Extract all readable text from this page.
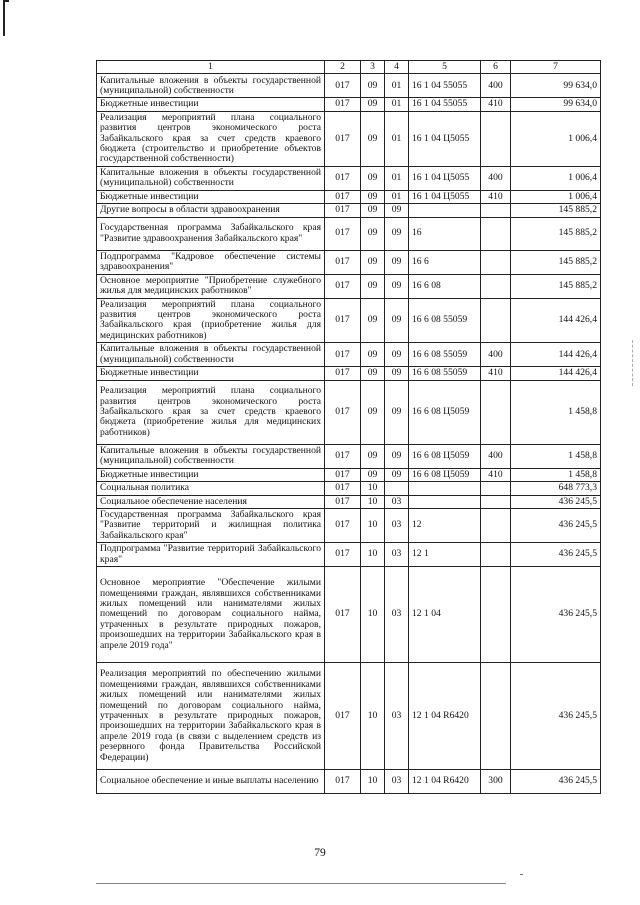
1	2	3	4	5	6	7
Капитальные вложения в объекты государственной (муниципальной) собственности	017	09	01	16 1 04 55055	400	99 634,0
Бюджетные инвестиции	017	09	01	16 1 04 55055	410	99 634,0
Реализация мероприятий плана социального развития центров экономического роста Забайкальского края за счет средств краевого бюджета (строительство и приобретение объектов государственной собственности)	017	09	01	16 1 04 Ц5055		1 006,4
Капитальные вложения в объекты государственной (муниципальной) собственности	017	09	01	16 1 04 Ц5055	400	1 006,4
Бюджетные инвестиции	017	09	01	16 1 04 Ц5055	410	1 006,4
Другие вопросы в области здравоохранения	017	09	09			145 885,2
Государственная программа Забайкальского края "Развитие здравоохранения Забайкальского края"	017	09	09	16		145 885,2
Подпрограмма "Кадровое обеспечение системы здравоохранения"	017	09	09	16 6		145 885,2
Основное мероприятие "Приобретение служебного жилья для медицинских работников"	017	09	09	16 6 08		145 885,2
Реализация мероприятий плана социального развития центров экономического роста Забайкальского края (приобретение жилья для медицинских работников)	017	09	09	16 6 08 55059		144 426,4
Капитальные вложения в объекты государственной (муниципальной) собственности	017	09	09	16 6 08 55059	400	144 426,4
Бюджетные инвестиции	017	09	09	16 6 08 55059	410	144 426,4
Реализация мероприятий плана социального развития центров экономического роста Забайкальского края за счет средств краевого бюджета (приобретение жилья для медицинских работников)	017	09	09	16 6 08 Ц5059		1 458,8
Капитальные вложения в объекты государственной (муниципальной) собственности	017	09	09	16 6 08 Ц5059	400	1 458,8
Бюджетные инвестиции	017	09	09	16 6 08 Ц5059	410	1 458,8
Социальная политика	017	10				648 773,3
Социальное обеспечение населения	017	10	03			436 245,5
Государственная программа Забайкальского края "Развитие территорий и жилищная политика Забайкальского края"	017	10	03	12		436 245,5
Подпрограмма "Развитие территорий Забайкальского края"	017	10	03	12 1		436 245,5
Основное мероприятие "Обеспечение жилыми помещениями граждан, являвшихся собственниками жилых помещений или нанимателями жилых помещений по договорам социального найма, утраченных в результате природных пожаров, произошедших на территории Забайкальского края в апреле 2019 года"	017	10	03	12 1 04		436 245,5
Реализация мероприятий по обеспечению жилыми помещениями граждан, являвшихся собственниками жилых помещений или нанимателями жилых помещений по договорам социального найма, утраченных в результате природных пожаров, произошедших на территории Забайкальского края в апреле 2019 года (в связи с выделением средств из резервного фонда Правительства Российской Федерации)	017	10	03	12 1 04 R6420		436 245,5
Социальное обеспечение и иные выплаты населению	017	10	03	12 1 04 R6420	300	436 245,5
79
